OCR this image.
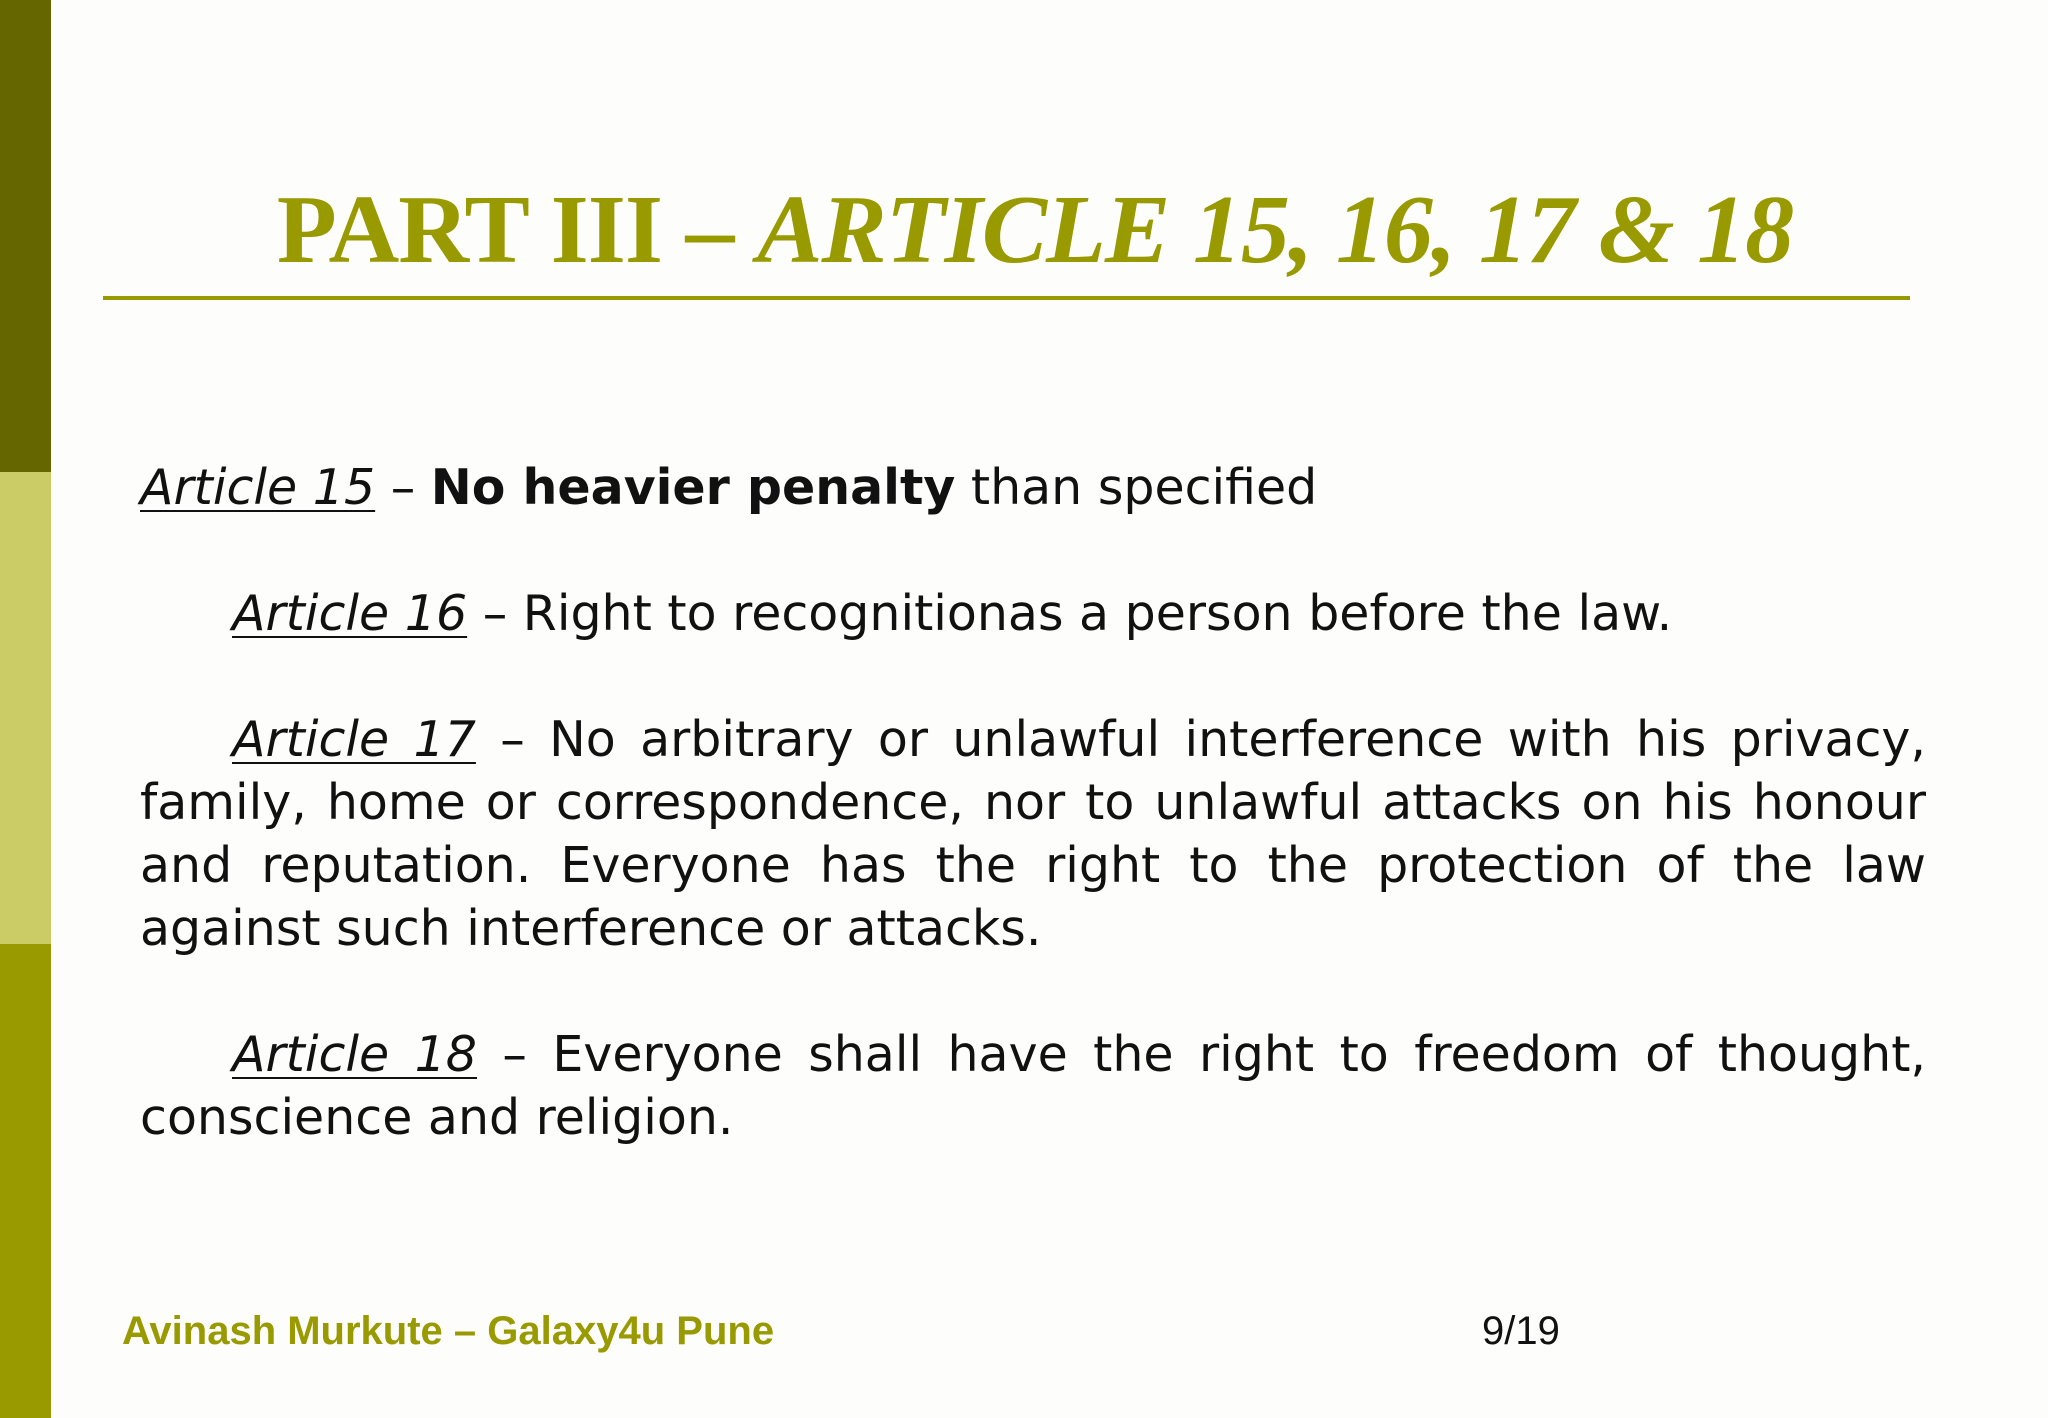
PART III – ARTICLE 15, 16, 17 & 18

Article 15 – No heavier penalty than specified

Article 16 – Right to recognitionas a person before the law.

Article 17 – No arbitrary or unlawful interference with his privacy, family, home or correspondence, nor to unlawful attacks on his honour and reputation. Everyone has the right to the protection of the law against such interference or attacks.

Article 18 – Everyone shall have the right to freedom of thought, conscience and religion.

Avinash Murkute – Galaxy4u Pune	9/19
